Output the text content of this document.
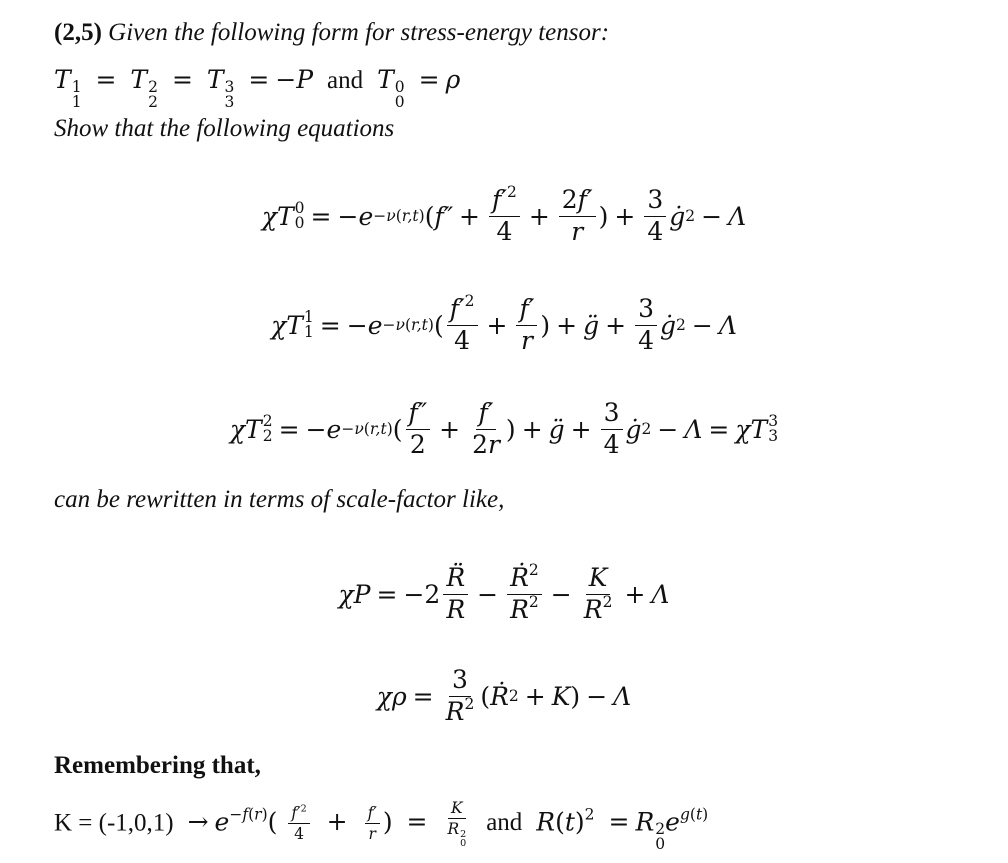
(2,5) Given the following form for stress-energy tensor:
T 1
1
= T 2
2
= T 3
3
= −P and T 0
0
= ρ
Show that the following equations
χT 0
0 = − e −ν(r,t) ( $f'' + \frac{f'^2}{4} + \frac{2f'}{r}$ ) + $\frac{3}{4}$ ġ 2 − Λ
χT 1
1 = − e −ν(r,t) ( $\frac{f'^2}{4} + \frac{f'}{r}$ ) + g̈ + $\frac{3}{4}$ ġ 2 − Λ
χT 2
2 = − e −ν(r,t) ( $\frac{f''}{2} + \frac{f'}{2r}$ ) + g̈ + $\frac{3}{4}$ ġ 2 − Λ = χT 3
3
can be rewritten in terms of scale-factor like,
$\chi P = -2 \frac{R̈}{R} - \frac{Ṙ^2}{R^2} - \frac{K}{R^2} + \Lambda$
$\chi\rho = \frac{3}{R^2}$ ( Ṙ 2 + K ) − Λ
Remembering that,
$K = (-1,0,1) \to e^{-f(r)}( \frac{f'^2}{4} + \frac{f'}{r}$ ) = K
R 2
0 and $R(t)^2 = R$ 2
0
$e^{g(t)}$
